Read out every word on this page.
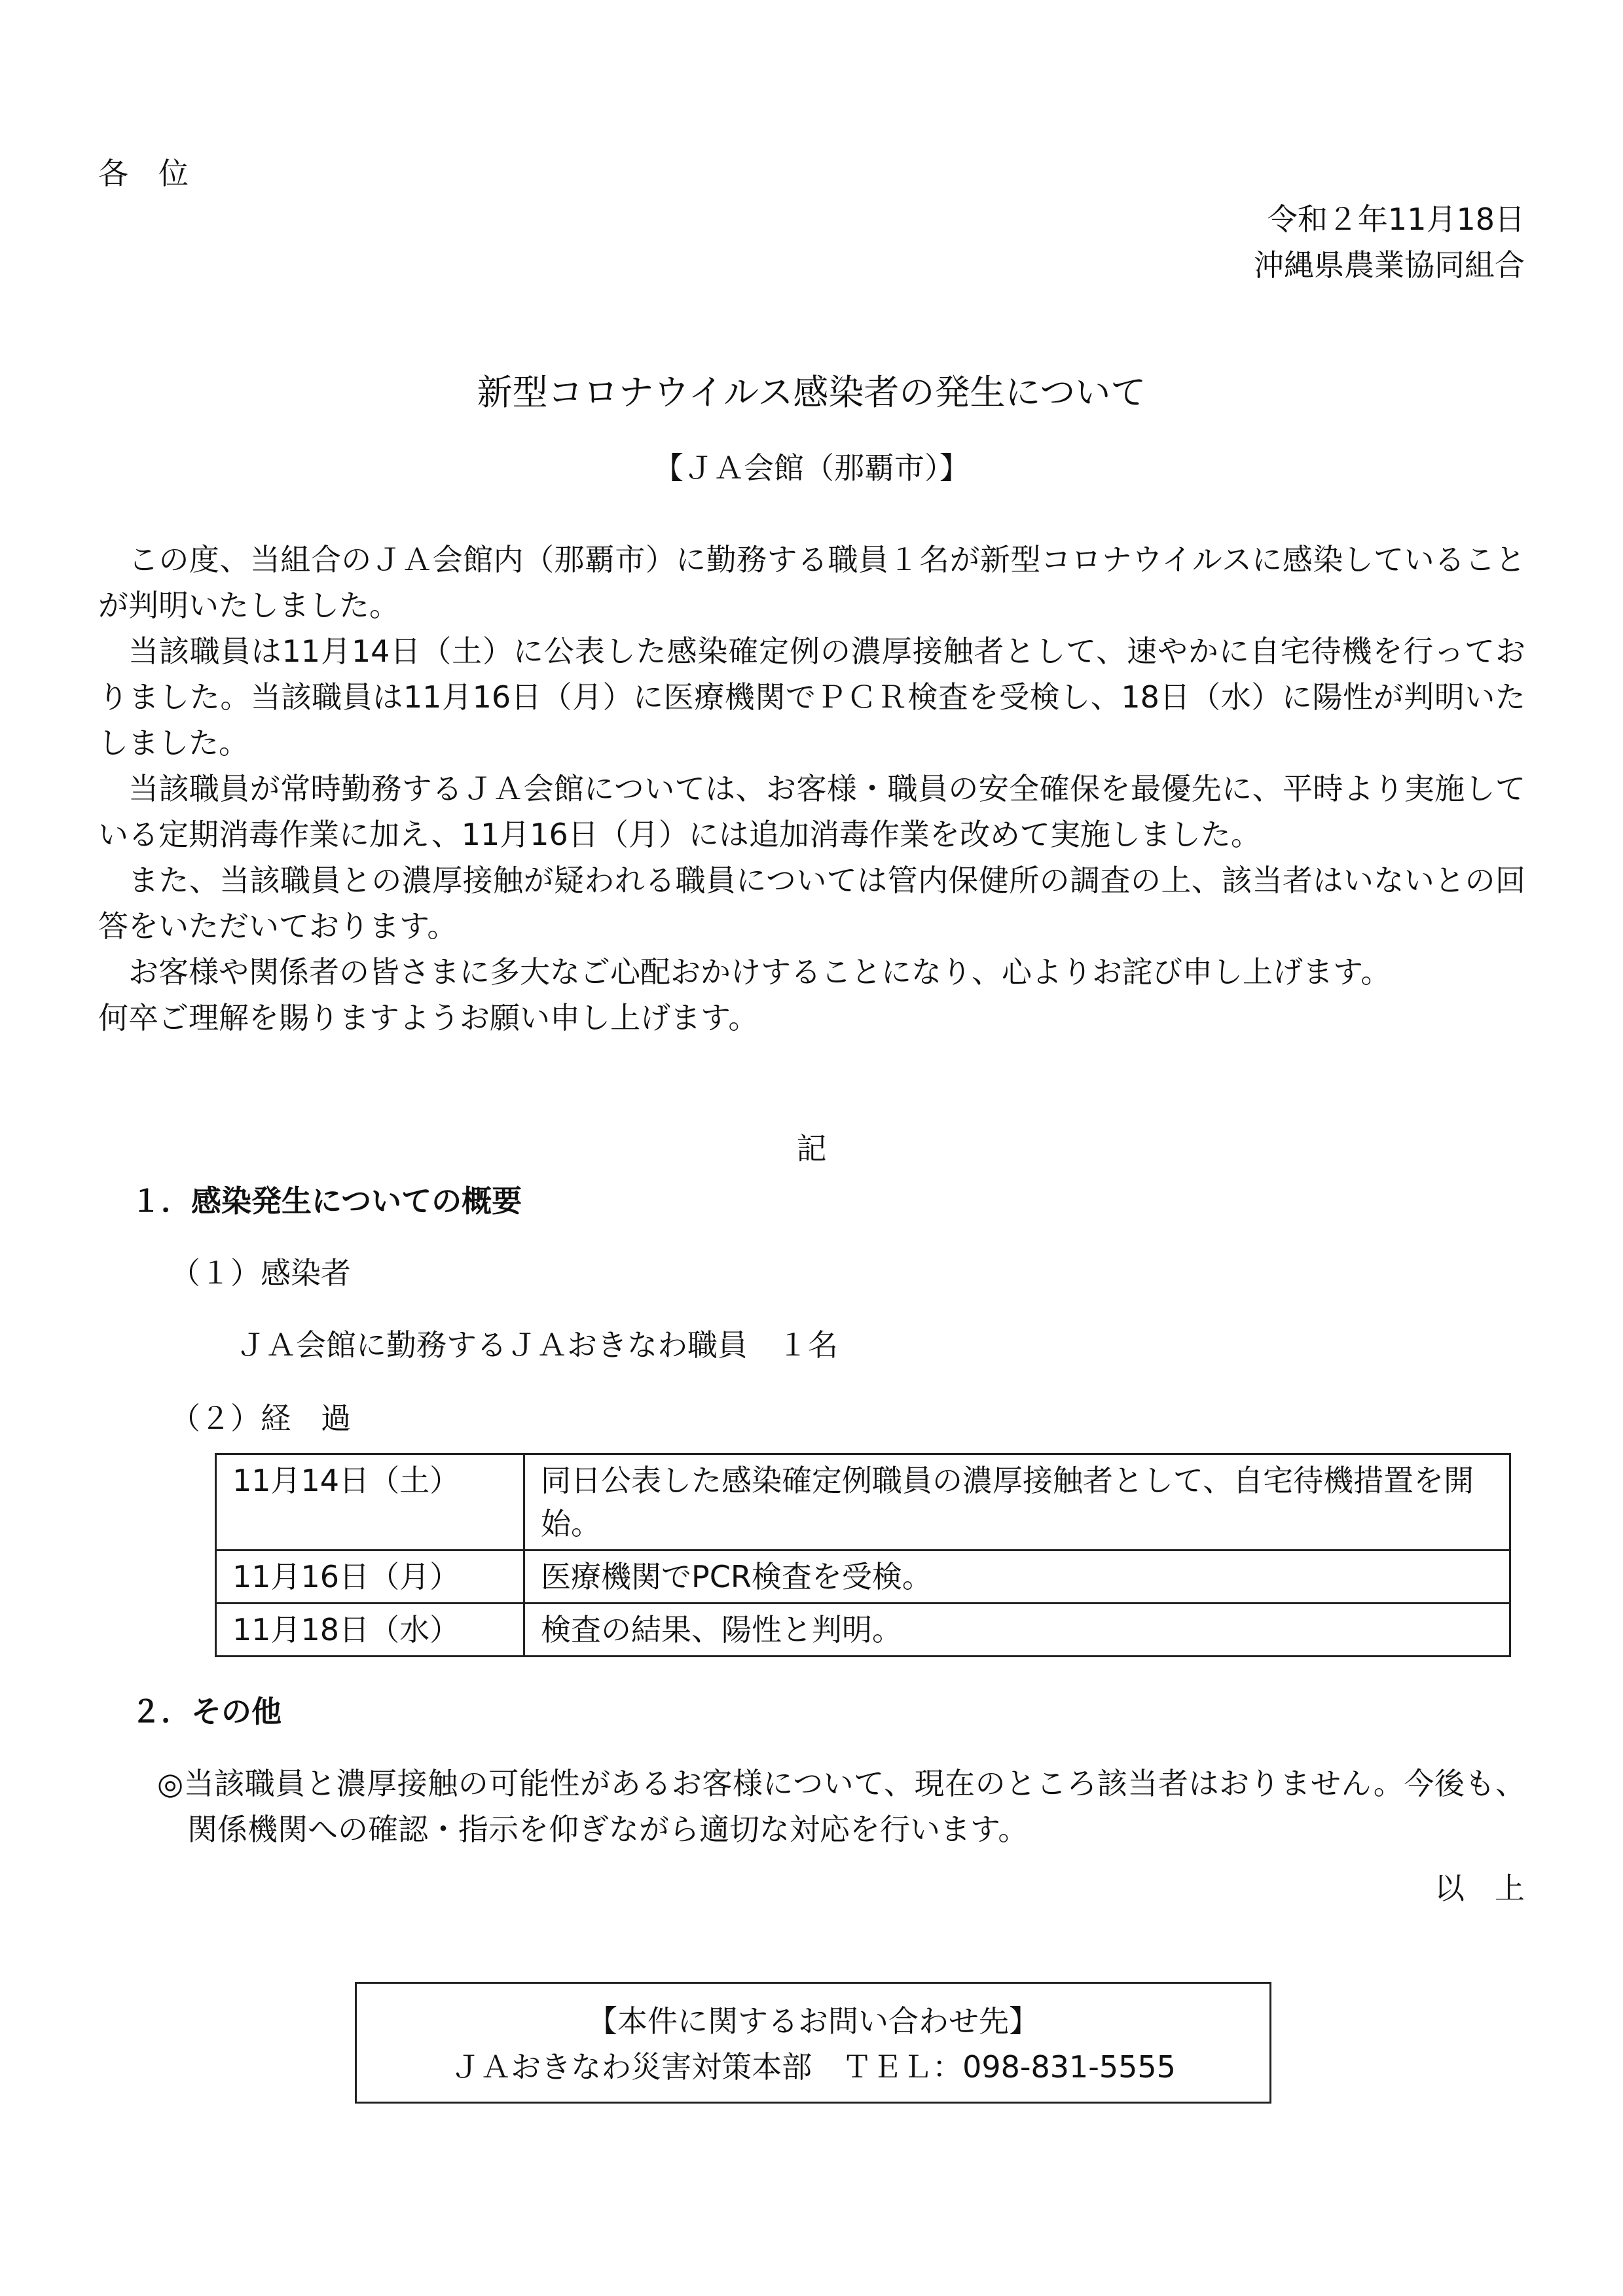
各　位
令和２年11月18日
沖縄県農業協同組合
新型コロナウイルス感染者の発生について
【ＪＡ会館（那覇市）】
この度、当組合のＪＡ会館内（那覇市）に勤務する職員１名が新型コロナウイルスに感染していることが判明いたしました。
当該職員は11月14日（土）に公表した感染確定例の濃厚接触者として、速やかに自宅待機を行っておりました。当該職員は11月16日（月）に医療機関でＰＣＲ検査を受検し、18日（水）に陽性が判明いたしました。
当該職員が常時勤務するＪＡ会館については、お客様・職員の安全確保を最優先に、平時より実施している定期消毒作業に加え、11月16日（月）には追加消毒作業を改めて実施しました。
また、当該職員との濃厚接触が疑われる職員については管内保健所の調査の上、該当者はいないとの回答をいただいております。
お客様や関係者の皆さまに多大なご心配おかけすることになり、心よりお詫び申し上げます。
何卒ご理解を賜りますようお願い申し上げます。
記
１．感染発生についての概要
（１）感染者
ＪＡ会館に勤務するＪＡおきなわ職員　１名
（２）経　過
11月14日（土）	同日公表した感染確定例職員の濃厚接触者として、自宅待機措置を開始。
11月16日（月）	医療機関でPCR検査を受検。
11月18日（水）	検査の結果、陽性と判明。
２．その他
◎当該職員と濃厚接触の可能性があるお客様について、現在のところ該当者はおりません。今後も、関係機関への確認・指示を仰ぎながら適切な対応を行います。
以　上
【本件に関するお問い合わせ先】
ＪＡおきなわ災害対策本部　ＴＥＬ：098-831-5555
